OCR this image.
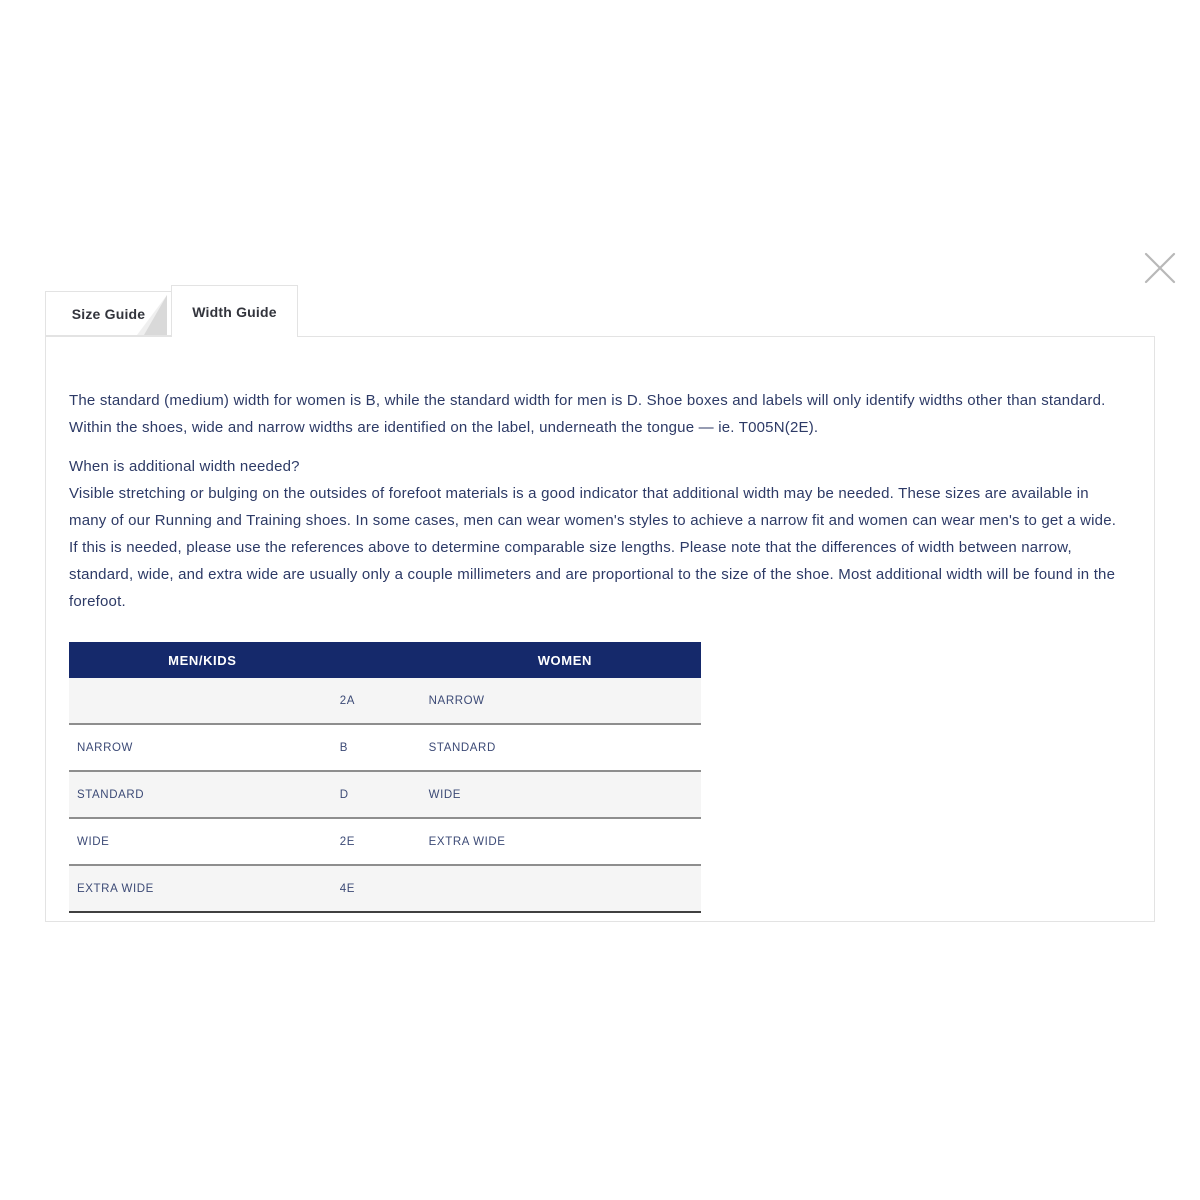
Size Guide	Width Guide

The standard (medium) width for women is B, while the standard width for men is D. Shoe boxes and labels will only identify widths other than standard. Within the shoes, wide and narrow widths are identified on the label, underneath the tongue — ie. T005N(2E).

When is additional width needed?
Visible stretching or bulging on the outsides of forefoot materials is a good indicator that additional width may be needed. These sizes are available in many of our Running and Training shoes. In some cases, men can wear women's styles to achieve a narrow fit and women can wear men's to get a wide. If this is needed, please use the references above to determine comparable size lengths. Please note that the differences of width between narrow, standard, wide, and extra wide are usually only a couple millimeters and are proportional to the size of the shoe. Most additional width will be found in the forefoot.

MEN/KIDS		WOMEN
	2A	NARROW
NARROW	B	STANDARD
STANDARD	D	WIDE
WIDE	2E	EXTRA WIDE
EXTRA WIDE	4E	
